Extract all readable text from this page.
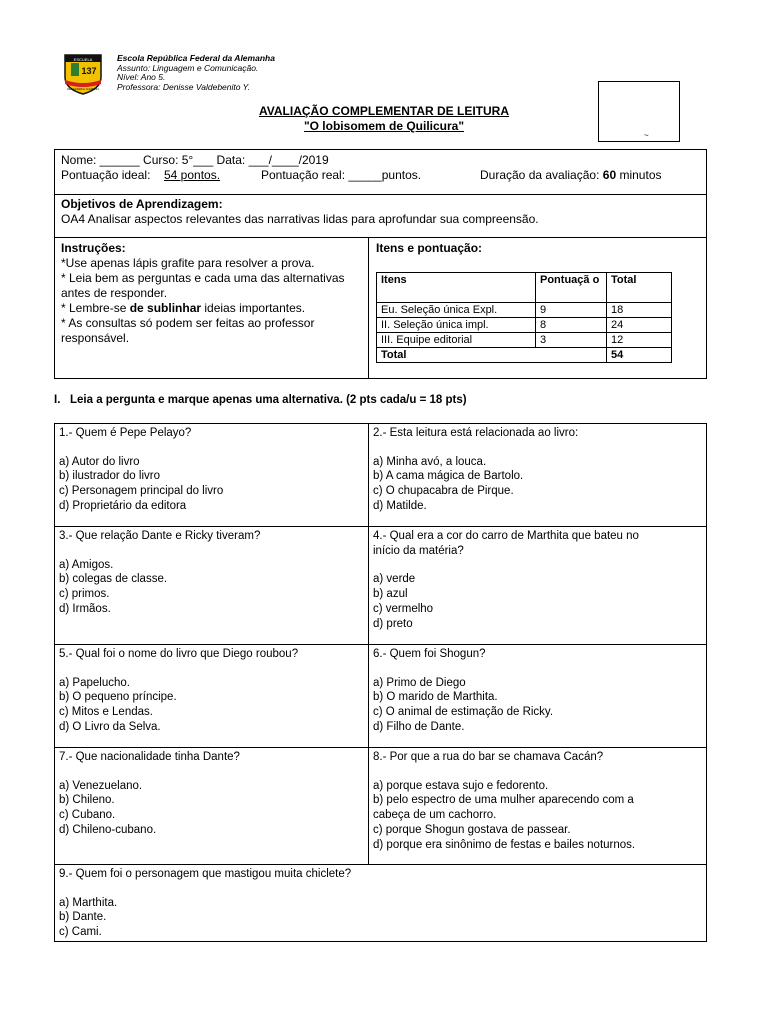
ESCUELA
137
REP. FEDERAL ALEMANIA
Escola República Federal da Alemanha
Assunto: Linguagem e Comunicação.
Nível: Ano 5.
Professora: Denisse Valdebenito Y.
AVALIAÇÃO COMPLEMENTAR DE LEITURA
"O lobisomem de Quilicura"
~
Nome: ______ Curso: 5°___ Data: ___/____/2019
Pontuação ideal: 54 pontos.	Pontuação real: _____puntos.	Duração da avaliação: 60 minutos
Objetivos de Aprendizagem:
OA4 Analisar aspectos relevantes das narrativas lidas para aprofundar sua compreensão.
Instruções:
*Use apenas lápis grafite para resolver a prova.
* Leia bem as perguntas e cada uma das alternativas
antes de responder.
* Lembre-se de sublinhar ideias importantes.
* As consultas só podem ser feitas ao professor
responsável.
Itens e pontuação:
Itens	Pontuaçã o	Total
Eu. Seleção única Expl.	9	18
II. Seleção única impl.	8	24
III. Equipe editorial	3	12
Total		54
I. Leia a pergunta e marque apenas uma alternativa. (2 pts cada/u = 18 pts)
1.- Quem é Pepe Pelayo?
a) Autor do livro
b) ilustrador do livro
c) Personagem principal do livro
d) Proprietário da editora
2.- Esta leitura está relacionada ao livro:
a) Minha avó, a louca.
b) A cama mágica de Bartolo.
c) O chupacabra de Pirque.
d) Matilde.
3.- Que relação Dante e Ricky tiveram?
a) Amigos.
b) colegas de classe.
c) primos.
d) Irmãos.
4.- Qual era a cor do carro de Marthita que bateu no
início da matéria?
a) verde
b) azul
c) vermelho
d) preto
5.- Qual foi o nome do livro que Diego roubou?
a) Papelucho.
b) O pequeno príncipe.
c) Mitos e Lendas.
d) O Livro da Selva.
6.- Quem foi Shogun?
a) Primo de Diego
b) O marido de Marthita.
c) O animal de estimação de Ricky.
d) Filho de Dante.
7.- Que nacionalidade tinha Dante?
a) Venezuelano.
b) Chileno.
c) Cubano.
d) Chileno-cubano.
8.- Por que a rua do bar se chamava Cacán?
a) porque estava sujo e fedorento.
b) pelo espectro de uma mulher aparecendo com a
cabeça de um cachorro.
c) porque Shogun gostava de passear.
d) porque era sinônimo de festas e bailes noturnos.
9.- Quem foi o personagem que mastigou muita chiclete?
a) Marthita.
b) Dante.
c) Cami.
